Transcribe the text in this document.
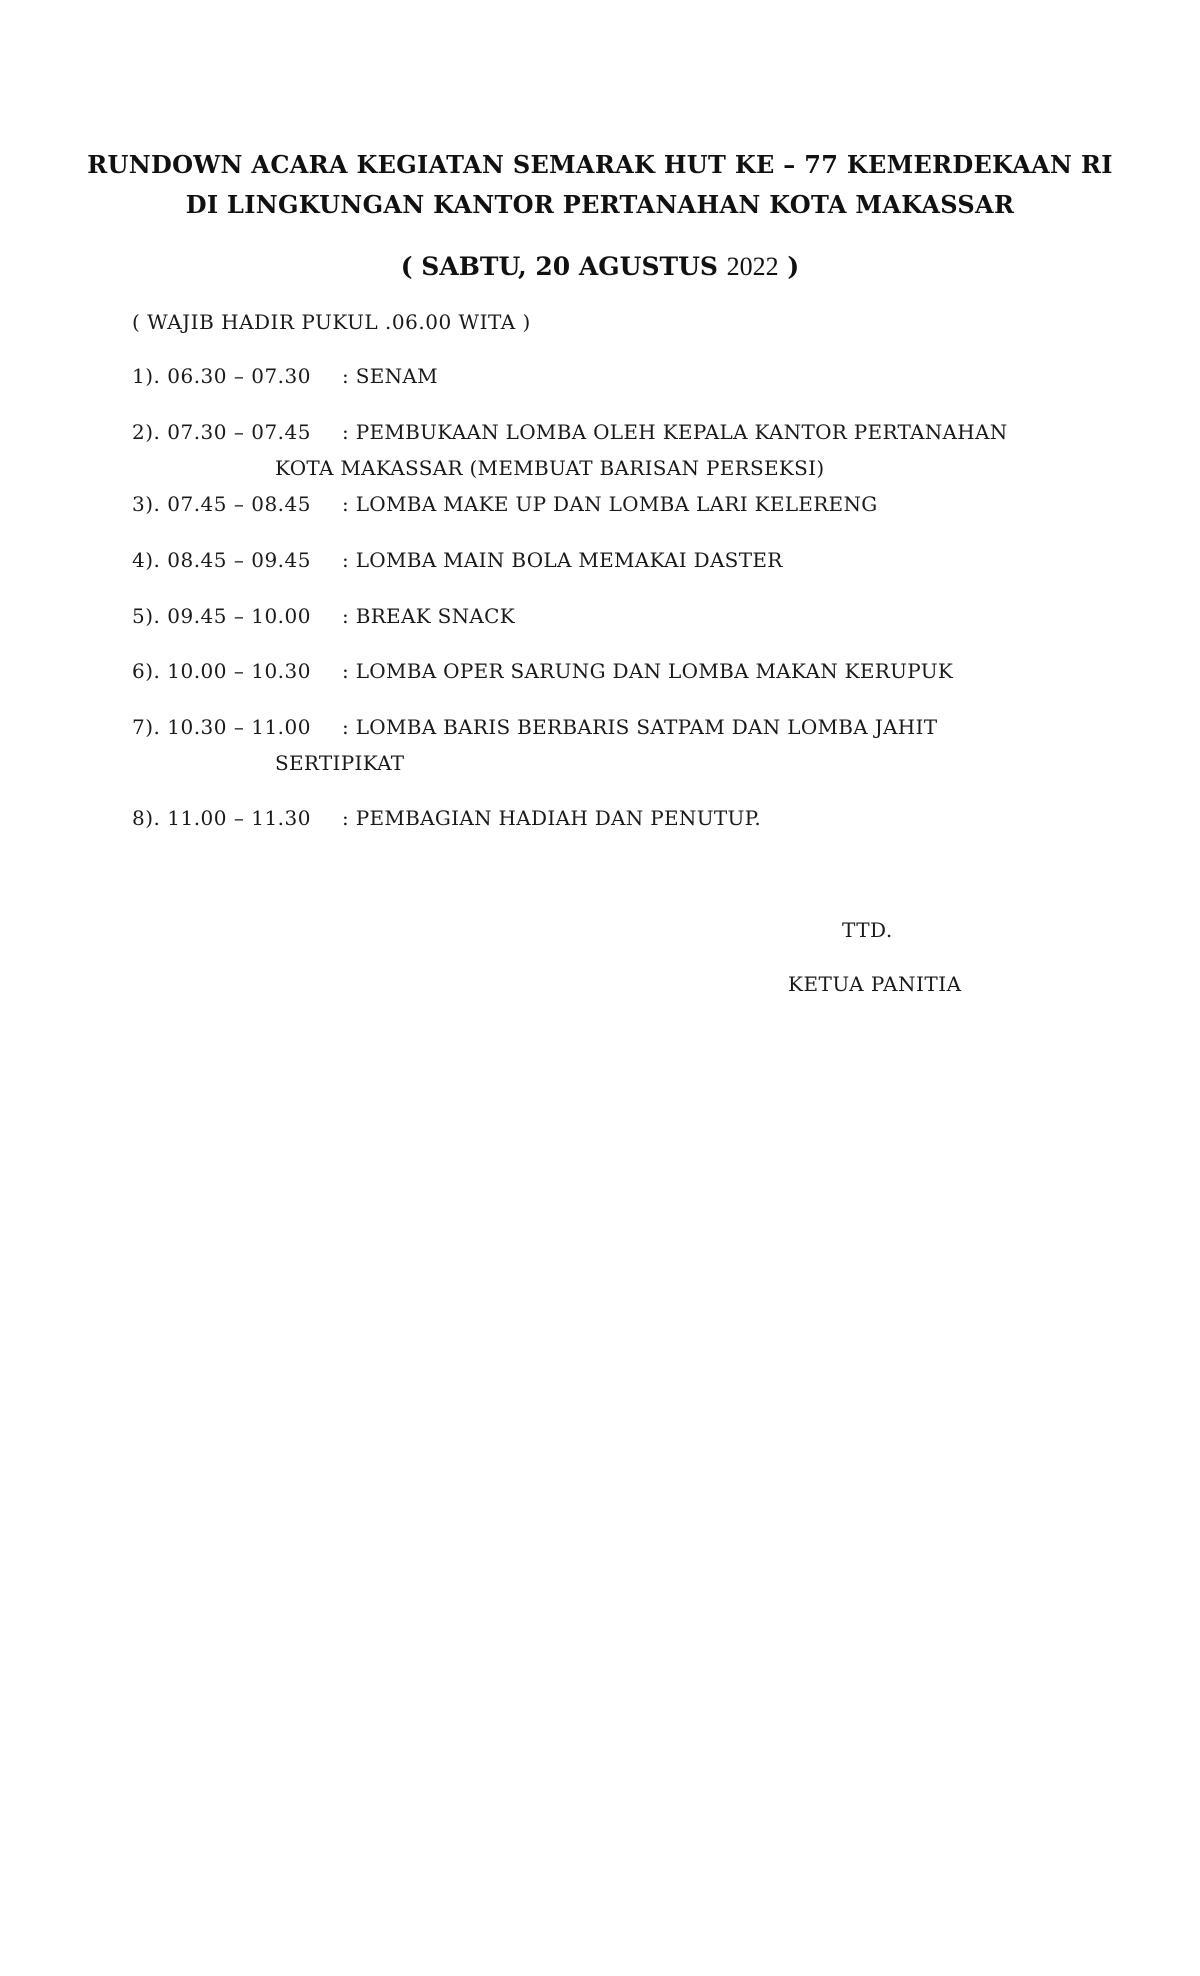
RUNDOWN ACARA KEGIATAN SEMARAK HUT KE – 77 KEMERDEKAAN RI
DI LINGKUNGAN KANTOR PERTANAHAN KOTA MAKASSAR
( SABTU, 20 AGUSTUS 2022 )
( WAJIB HADIR PUKUL .06.00 WITA )
1). 06.30 – 07.30 : SENAM
2). 07.30 – 07.45 : PEMBUKAAN LOMBA OLEH KEPALA KANTOR PERTANAHAN
KOTA MAKASSAR (MEMBUAT BARISAN PERSEKSI)
3). 07.45 – 08.45 : LOMBA MAKE UP DAN LOMBA LARI KELERENG
4). 08.45 – 09.45 : LOMBA MAIN BOLA MEMAKAI DASTER
5). 09.45 – 10.00 : BREAK SNACK
6). 10.00 – 10.30 : LOMBA OPER SARUNG DAN LOMBA MAKAN KERUPUK
7). 10.30 – 11.00 : LOMBA BARIS BERBARIS SATPAM DAN LOMBA JAHIT
SERTIPIKAT
8). 11.00 – 11.30 : PEMBAGIAN HADIAH DAN PENUTUP.
TTD.
KETUA PANITIA
